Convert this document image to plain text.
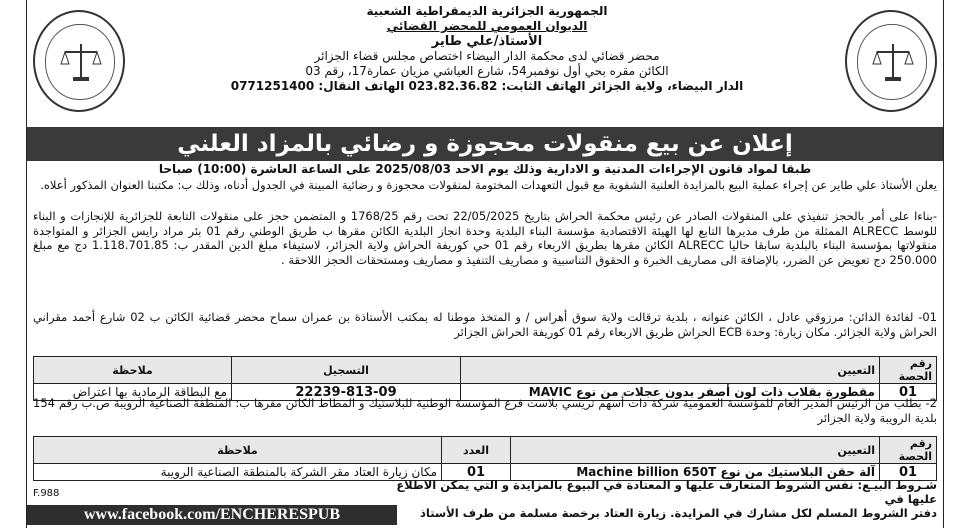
الجمهورية الجزائرية الديمقراطية الشعبية
الديوان العمومي للمحضر القضائي
الأستاذ/علي طاير
محضر قضائي لدى محكمة الدار البيضاء اختصاص مجلس قضاء الجزائر
الكائن مقره بحي أول نوفمبر54، شارع العياشي مزيان عمارة17، رقم 03
الدار البيضاء، ولاية الجزائر الهاتف الثابت: 023.82.36.82 الهاتف النقال: 0771251400
إعلان عن بيع منقولات محجوزة و رضائي بالمزاد العلني
طبقا لمواد قانون الإجراءات المدنية و الادارية وذلك يوم الاحد 2025/08/03 على الساعة العاشرة (10:00) صباحا
يعلن الأستاذ علي طاير عن إجراء عملية البيع بالمزايدة العلنية الشفوية مع قبول التعهدات المختومة لمنقولات محجوزة و رضائية المبينة في الجدول أدناه، وذلك ب: مكتبنا العنوان المذكور أعلاه.
-بناءا على أمر بالحجز تنفيذي على المنقولات الصادر عن رئيس محكمة الحراش بتاريخ 22/05/2025 تحت رقم 1768/25 و المتضمن حجز على منقولات التابعة للجزائرية للإنجازات و البناء للوسط ALRECC الممثلة من طرف مديرها التابع لها الهيئة الاقتصادية مؤسسة البناء البلدية وحدة انجاز البلدية الكائن مقرها ب طريق الوطني رقم 01 بئر مراد رايس الجزائر و المتواجدة منقولاتها بمؤسسة البناء بالبلدية سابقا حاليا ALRECC الكائن مقرها بطريق الاربعاء رقم 01 حي كوريفة الحراش ولاية الجزائر، لاستيفاء مبلغ الدين المقدر ب: 1.118.701.85 دج مع مبلغ 250.000 دج تعويض عن الضرر، بالإضافة الى مصاريف الخبرة و الحقوق التناسبية و مصاريف التنفيذ و مصاريف ومستحقات الحجز اللاحقة .
01- لفائدة الدائن: مرزوقي عادل ، الكائن عنوانه ، بلدية ترقالت ولاية سوق أهراس / و المتخذ موطنا له بمكتب الأستاذة بن عمران سماح محضر قضائية الكائن ب 02 شارع أحمد مقراني الحراش ولاية الجزائر. مكان زيارة: وحدة ECB الحراش طريق الاربعاء رقم 01 كوريفة الحراش الجزائر
رقم الحصة	التعيين	التسجيل	ملاحظة
01	مقطورة بقلاب ذات لون أصفر بدون عجلات من نوع MAVIC	22239-813-09	مع البطاقة الرمادية بها اعتراض
2- بطلب من الرئيس المدير العام للمؤسسة العمومية شركة ذات أسهم تريسي بلاست فرع المؤسسة الوطنية للبلاستيك و المطاط الكائن مقرها ب: المنطقة الصناعية الرويبة ص.ب رقم 154 بلدية الرويبة ولاية الجزائر
رقم الحصة	التعيين	العدد	ملاحظة
01	آلة حقن البلاستيك من نوع Machine billion 650T	01	مكان زيارة العتاد مقر الشركة بالمنطقة الصناعية الرويبة
شـروط البيـع: نفس الشروط المتعارف عليها و المعتادة في البيوع بالمزايدة و التي يمكن الاطلاع عليها في
دفتر الشروط المسلم لكل مشارك في المزايدة. زيارة العتاد برخصة مسلمة من طرف الأستاذ
F.988
www.facebook.com/ENCHERESPUB
